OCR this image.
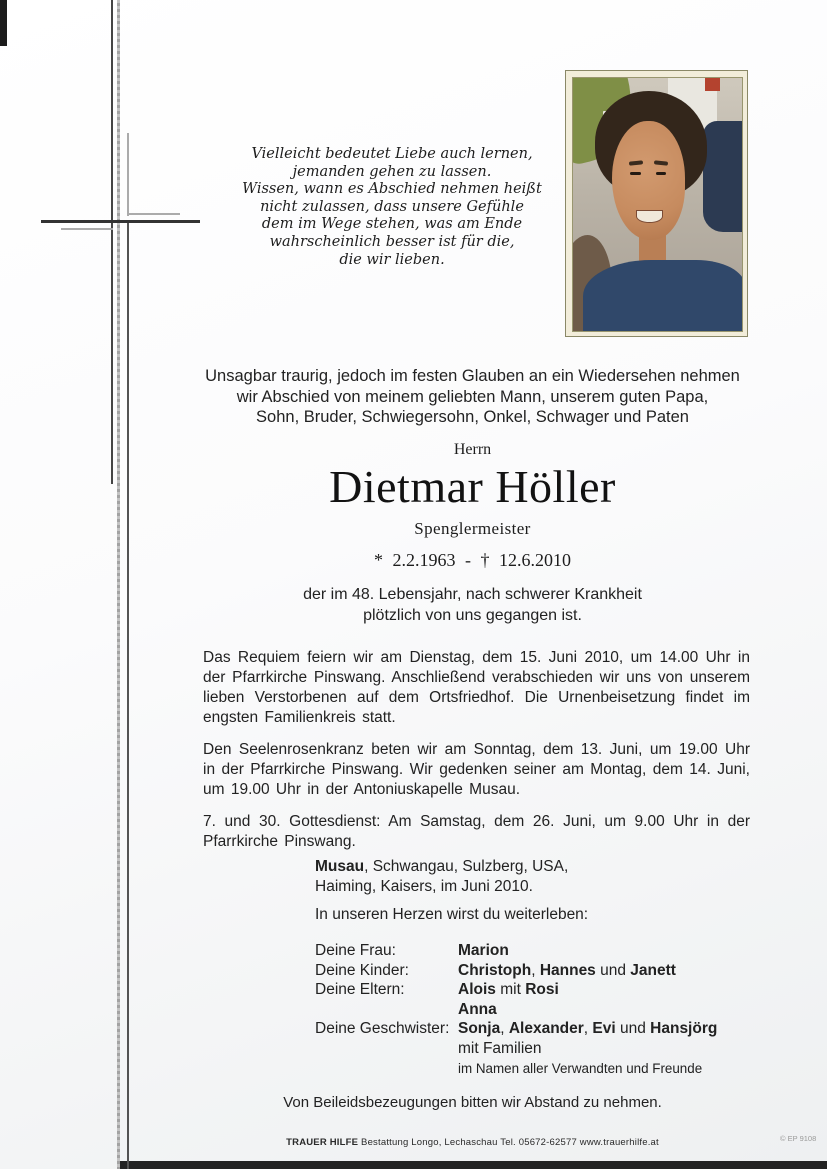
Vielleicht bedeutet Liebe auch lernen,
jemanden gehen zu lassen.
Wissen, wann es Abschied nehmen heißt
nicht zulassen, dass unsere Gefühle
dem im Wege stehen, was am Ende
wahrscheinlich besser ist für die,
die wir lieben.
Unsagbar traurig, jedoch im festen Glauben an ein Wiedersehen nehmen
wir Abschied von meinem geliebten Mann, unserem guten Papa,
Sohn, Bruder, Schwiegersohn, Onkel, Schwager und Paten
Herrn
Dietmar Höller
Spenglermeister
* 2.2.1963 - † 12.6.2010
der im 48. Lebensjahr, nach schwerer Krankheit
plötzlich von uns gegangen ist.

Das Requiem feiern wir am Dienstag, dem 15. Juni 2010, um 14.00 Uhr in der Pfarrkirche Pinswang. Anschließend verabschieden wir uns von unserem lieben Verstorbenen auf dem Ortsfriedhof. Die Urnenbeisetzung findet im engsten Familienkreis statt.

Den Seelenrosenkranz beten wir am Sonntag, dem 13. Juni, um 19.00 Uhr in der Pfarrkirche Pinswang. Wir gedenken seiner am Montag, dem 14. Juni, um 19.00 Uhr in der Antoniuskapelle Musau.

7. und 30. Gottesdienst: Am Samstag, dem 26. Juni, um 9.00 Uhr in der Pfarrkirche Pinswang.

Musau, Schwangau, Sulzberg, USA,
Haiming, Kaisers, im Juni 2010.
In unseren Herzen wirst du weiterleben:
Deine Frau:	Marion
Deine Kinder:	Christoph, Hannes und Janett
Deine Eltern:	Alois mit Rosi
Anna
Deine Geschwister: Sonja, Alexander, Evi und Hansjörg
mit Familien
im Namen aller Verwandten und Freunde
Von Beileidsbezeugungen bitten wir Abstand zu nehmen.
TRAUER HILFE Bestattung Longo, Lechaschau Tel. 05672-62577 www.trauerhilfe.at	© EP 9108
